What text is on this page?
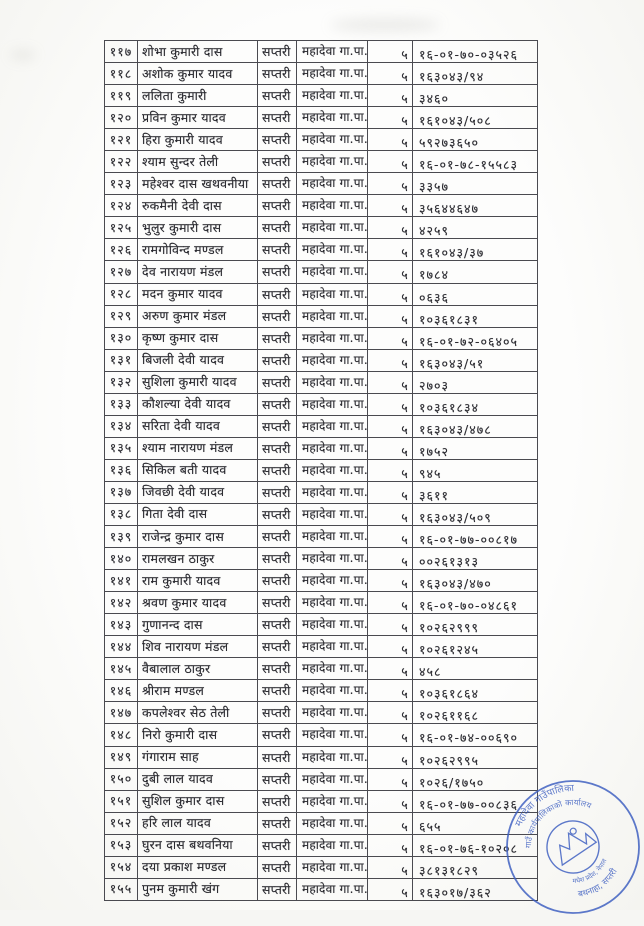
११७ शोभा कुमारी दास	सप्तरी महादेवा गा.पा.	५ १६-०१-७०-०३५२६
११८ अशोक कुमार यादव	सप्तरी महादेवा गा.पा.	५ १६३०४३/९४
११९ ललिता कुमारी	सप्तरी महादेवा गा.पा.	५ ३४६०
१२० प्रविन कुमार यादव	सप्तरी महादेवा गा.पा.	५ १६१०४३/५०८
१२१ हिरा कुमारी यादव	सप्तरी महादेवा गा.पा.	५ ५९२७३६५०
१२२ श्याम सुन्दर तेली	सप्तरी महादेवा गा.पा.	५ १६-०१-७८-१५५८३
१२३ महेश्वर दास खथवनीया	सप्तरी महादेवा गा.पा.	५ ३३५७
१२४ रुकमैनी देवी दास	सप्तरी महादेवा गा.पा.	५ ३५६४४६४७
१२५ भुलुर कुमारी दास	सप्तरी महादेवा गा.पा.	५ ४२५९
१२६ रामगोविन्द मण्डल	सप्तरी महादेवा गा.पा.	५ १६१०४३/३७
१२७ देव नारायण मंडल	सप्तरी महादेवा गा.पा.	५ १७८४
१२८ मदन कुमार यादव	सप्तरी महादेवा गा.पा.	५ ०६३६
१२९ अरुण कुमार मंडल	सप्तरी महादेवा गा.पा.	५ १०३६१८३१
१३० कृष्ण कुमार दास	सप्तरी महादेवा गा.पा.	५ १६-०१-७२-०६४०५
१३१ बिजली देवी यादव	सप्तरी महादेवा गा.पा.	५ १६३०४३/५१
१३२ सुशिला कुमारी यादव	सप्तरी महादेवा गा.पा.	५ २७०३
१३३ कौशल्या देवी यादव	सप्तरी महादेवा गा.पा.	५ १०३६१८३४
१३४ सरिता देवी यादव	सप्तरी महादेवा गा.पा.	५ १६३०४३/४७८
१३५ श्याम नारायण मंडल	सप्तरी महादेवा गा.पा.	५ १७५२
१३६ सिकिल बती यादव	सप्तरी महादेवा गा.पा.	५ ९४५
१३७ जिवछी देवी यादव	सप्तरी महादेवा गा.पा.	५ ३६११
१३८ गिता देवी दास	सप्तरी महादेवा गा.पा.	५ १६३०४३/५०९
१३९ राजेन्द्र कुमार दास	सप्तरी महादेवा गा.पा.	५ १६-०१-७७-००८१७
१४० रामलखन ठाकुर	सप्तरी महादेवा गा.पा.	५ ००२६१३१३
१४१ राम कुमारी यादव	सप्तरी महादेवा गा.पा.	५ १६३०४३/४७०
१४२ श्रवण कुमार यादव	सप्तरी महादेवा गा.पा.	५ १६-०१-७०-०४८६१
१४३ गुणानन्द दास	सप्तरी महादेवा गा.पा.	५ १०२६२९९९
१४४ शिव नारायण मंडल	सप्तरी महादेवा गा.पा.	५ १०२६१२४५
१४५ वैबालाल ठाकुर	सप्तरी महादेवा गा.पा.	५ ४५८
१४६ श्रीराम मण्डल	सप्तरी महादेवा गा.पा.	५ १०३६१८६४
१४७ कपलेश्वर सेठ तेली	सप्तरी महादेवा गा.पा.	५ १०२६११६८
१४८ निरो कुमारी दास	सप्तरी महादेवा गा.पा.	५ १६-०१-७४-००६९०
१४९ गंगाराम साह	सप्तरी महादेवा गा.पा.	५ १०२६२९९५
१५० दुबी लाल यादव	सप्तरी महादेवा गा.पा.	५ १०२६/१७५०
१५१ सुशिल कुमार दास	सप्तरी महादेवा गा.पा.	५ १६-०१-७७-००८३६
१५२ हरि लाल यादव	सप्तरी महादेवा गा.पा.	५ ६५५
१५३ घुरन दास बथवनिया	सप्तरी महादेवा गा.पा.	५ १६-०१-७६-१०२०८
१५४ दया प्रकाश मण्डल	सप्तरी महादेवा गा.पा.	५ ३८१३१८२९
१५५ पुनम कुमारी खंग	सप्तरी महादेवा गा.पा.	५ १६३०१७/३६२
महादेवा गाउँपालिका
गाउँ कार्यपालिकाको कार्यालय
बथनाहा, सप्तरी
मधेश प्रदेश, नेपाल
